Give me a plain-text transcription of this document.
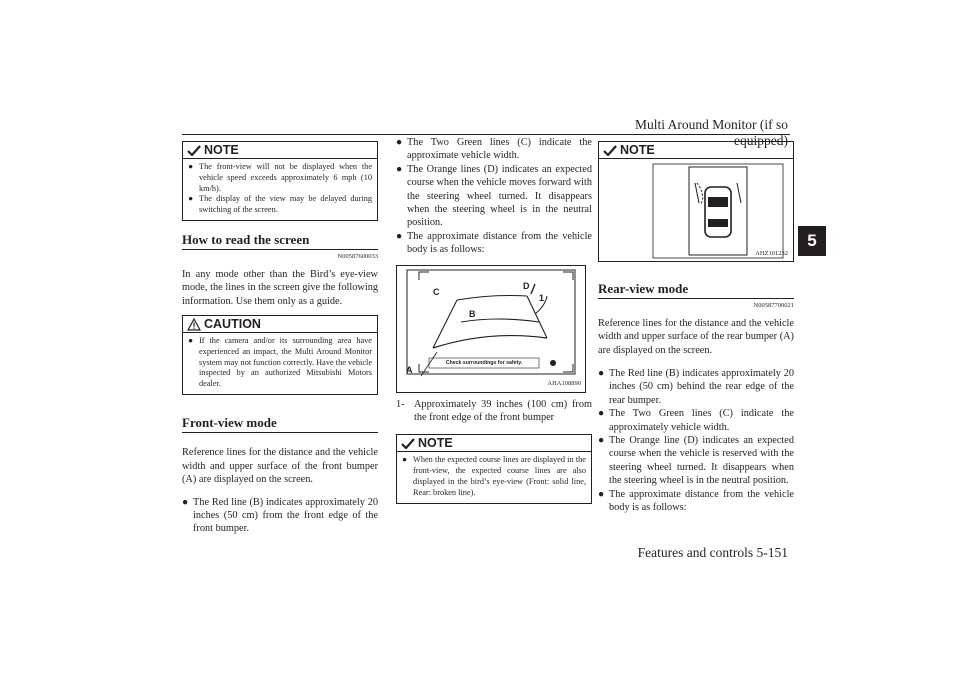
Multi Around Monitor (if so equipped)
5
NOTE
● The front-view will not be displayed when the vehicle speed exceeds approximately 6 mph (10 km/h).
● The display of the view may be delayed during switching of the screen.
How to read the screen
N00587600033
In any mode other than the Bird’s eye-view mode, the lines in the screen give the following information. Use them only as a guide.
CAUTION
● If the camera and/or its surrounding area have experienced an impact, the Multi Around Monitor system may not function correctly. Have the vehicle inspected by an authorized Mitsubishi Motors dealer.
Front-view mode
Reference lines for the distance and the vehicle width and upper surface of the front bumper (A) are displayed on the screen.
● The Red line (B) indicates approximately 20 inches (50 cm) from the front edge of the front bumper.
● The Two Green lines (C) indicate the approximate vehicle width.
● The Orange lines (D) indicates an expected course when the vehicle moves forward with the steering wheel turned. It disappears when the steering wheel is in the neutral position.
● The approximate distance from the vehicle body is as follows:
C
D
1
B
A
Check surroundings for safety.
AHA108890
1- Approximately 39 inches (100 cm) from the front edge of the front bumper
NOTE
● When the expected course lines are displayed in the front-view, the expected course lines are also displayed in the bird’s eye-view (Front: solid line, Rear: broken line).
NOTE
AHZ101232
Rear-view mode
N00587700021
Reference lines for the distance and the vehicle width and upper surface of the rear bumper (A) are displayed on the screen.
● The Red line (B) indicates approximately 20 inches (50 cm) behind the rear edge of the rear bumper.
● The Two Green lines (C) indicate the approximately vehicle width.
● The Orange line (D) indicates an expected course when the vehicle is reserved with the steering wheel turned. It disappears when the steering wheel is in the neutral position.
● The approximate distance from the vehicle body is as follows:
Features and controls 5-151
